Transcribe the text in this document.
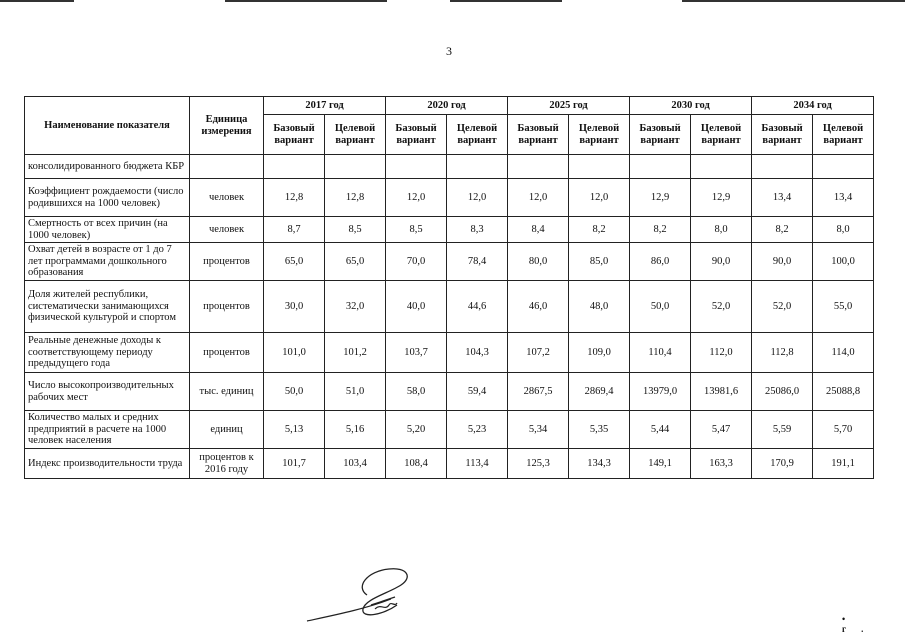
3
Наименование показателя	Единица измерения	2017 год		2020 год		2025 год		2030 год		2034 год	
		Базовый вариант	Целевой вариант	Базовый вариант	Целевой вариант	Базовый вариант	Целевой вариант	Базовый вариант	Целевой вариант	Базовый вариант	Целевой вариант
консолидированного бюджета КБР											
Коэффициент рождаемости (число родившихся на 1000 человек)	человек	12,8	12,8	12,0	12,0	12,0	12,0	12,9	12,9	13,4	13,4
Смертность от всех причин (на 1000 человек)	человек	8,7	8,5	8,5	8,3	8,4	8,2	8,2	8,0	8,2	8,0
Охват детей в возрасте от 1 до 7 лет программами дошкольного образования	процентов	65,0	65,0	70,0	78,4	80,0	85,0	86,0	90,0	90,0	100,0
Доля жителей республики, систематически занимающихся физической культурой и спортом	процентов	30,0	32,0	40,0	44,6	46,0	48,0	50,0	52,0	52,0	55,0
Реальные денежные доходы к соответствующему периоду предыдущего года	процентов	101,0	101,2	103,7	104,3	107,2	109,0	110,4	112,0	112,8	114,0
Число высокопроизводительных рабочих мест	тыс. единиц	50,0	51,0	58,0	59,4	2867,5	2869,4	13979,0	13981,6	25086,0	25088,8
Количество малых и средних предприятий в расчете на 1000 человек населения	единиц	5,13	5,16	5,20	5,23	5,34	5,35	5,44	5,47	5,59	5,70
Индекс производительности труда	процентов к 2016 году	101,7	103,4	108,4	113,4	125,3	134,3	149,1	163,3	170,9	191,1
• г.
